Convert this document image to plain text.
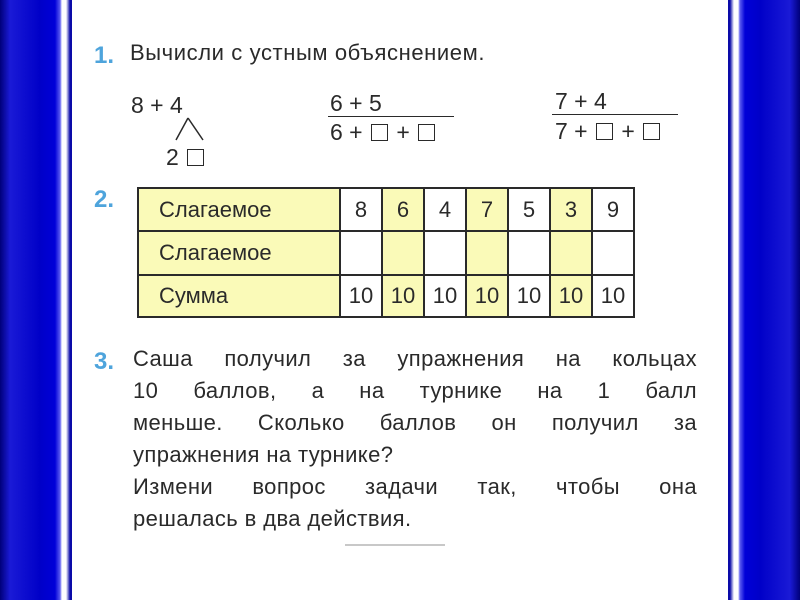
1. Вычисли с устным объяснением.
8 + 4
2
6 + 5
6 + +
7 + 4
7 + +
2. Слагаемое	8	6	4	7	5	3	9
Слагаемое							
Сумма	10	10	10	10	10	10	10
3. Саша получил за упражнения на кольцах
10 баллов, а на турнике на 1 балл
меньше. Сколько баллов он получил за
упражнения на турнике?
Измени вопрос задачи так, чтобы она
решалась в два действия.
